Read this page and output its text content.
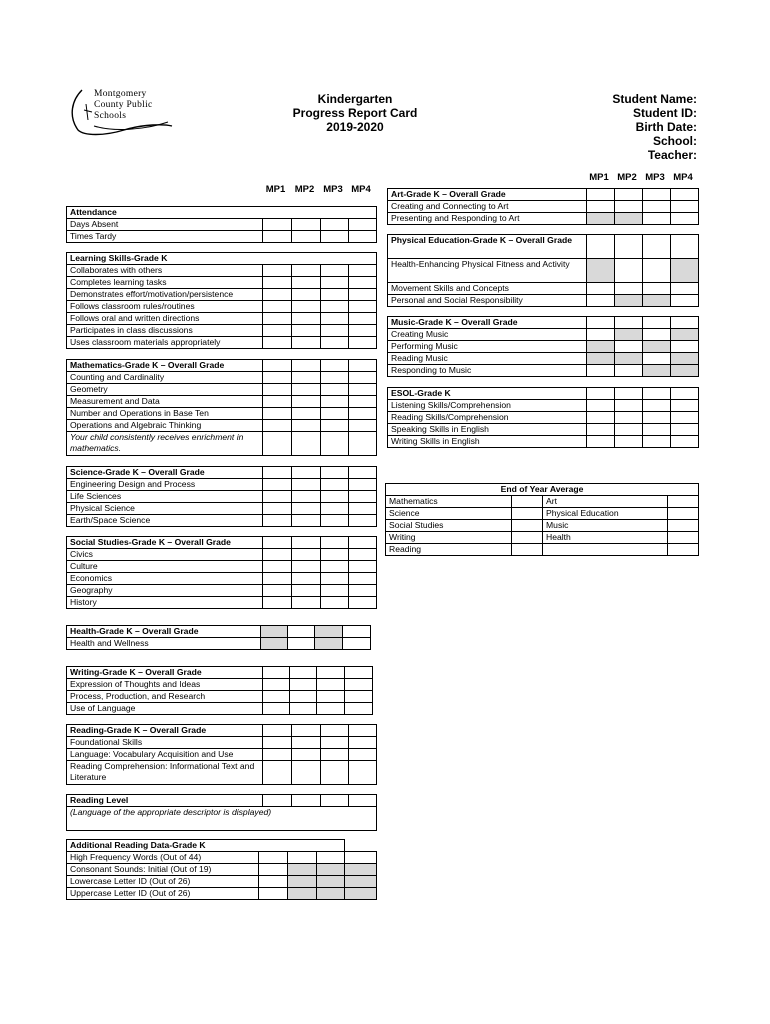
Montgomery
County Public
Schools
Kindergarten
Progress Report Card
2019-2020
Student Name:
Student ID:
Birth Date:
School:
Teacher:
MP1 MP2 MP3 MP4
MP1 MP2 MP3 MP4
Attendance				
Days Absent				
Times Tardy				
Learning Skills-Grade K				
Collaborates with others				
Completes learning tasks				
Demonstrates effort/motivation/persistence				
Follows classroom rules/routines				
Follows oral and written directions				
Participates in class discussions				
Uses classroom materials appropriately				
Mathematics-Grade K – Overall Grade				
Counting and Cardinality				
Geometry				
Measurement and Data				
Number and Operations in Base Ten				
Operations and Algebraic Thinking				
Your child consistently receives enrichment in mathematics.				
Science-Grade K – Overall Grade				
Engineering Design and Process				
Life Sciences				
Physical Science				
Earth/Space Science				
Social Studies-Grade K – Overall Grade				
Civics				
Culture				
Economics				
Geography				
History				
Health-Grade K – Overall Grade				
Health and Wellness				
Writing-Grade K – Overall Grade				
Expression of Thoughts and Ideas				
Process, Production, and Research				
Use of Language				
Reading-Grade K – Overall Grade				
Foundational Skills				
Language: Vocabulary Acquisition and Use				
Reading Comprehension: Informational Text and Literature				
Reading Level				
(Language of the appropriate descriptor is displayed)
Additional Reading Data-Grade K				
High Frequency Words (Out of 44)				
Consonant Sounds: Initial (Out of 19)				
Lowercase Letter ID (Out of 26)				
Uppercase Letter ID (Out of 26)				
Art-Grade K – Overall Grade				
Creating and Connecting to Art				
Presenting and Responding to Art				
Physical Education-Grade K – Overall Grade				
Health-Enhancing Physical Fitness and Activity				
Movement Skills and Concepts				
Personal and Social Responsibility				
Music-Grade K – Overall Grade				
Creating Music				
Performing Music				
Reading Music				
Responding to Music				
ESOL-Grade K				
Listening Skills/Comprehension				
Reading Skills/Comprehension				
Speaking Skills in English				
Writing Skills in English				
End of Year Average			
Mathematics		Art	
Science		Physical Education	
Social Studies		Music	
Writing		Health	
Reading			
